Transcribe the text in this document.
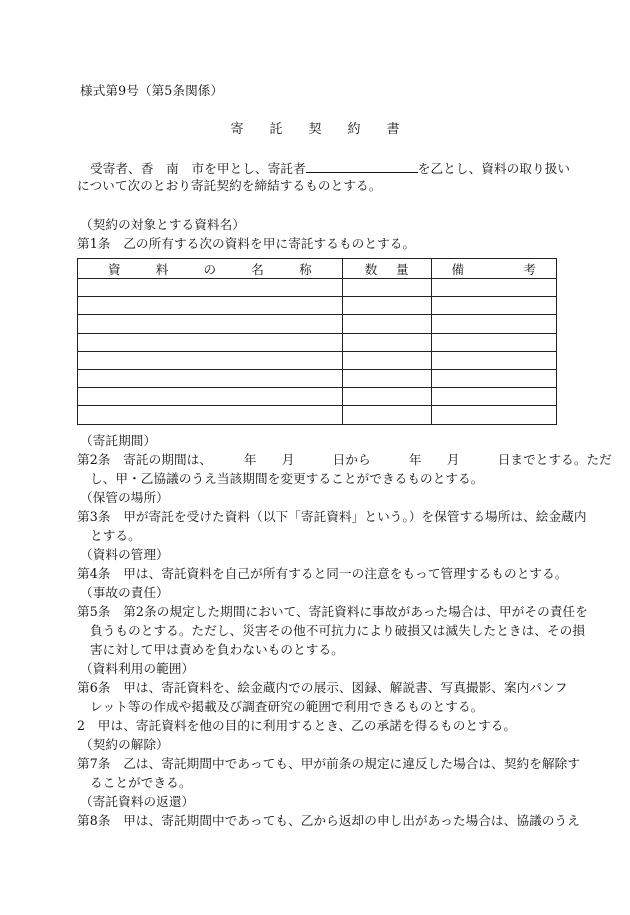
様式第9号（第5条関係）
寄 託 契 約 書
受寄者、香　南　市を甲とし、寄託者	を乙とし、資料の取り扱い
について次のとおり寄託契約を締結するものとする。
（契約の対象とする資料名）
第1条　乙の所有する次の資料を甲に寄託するものとする。
資 料 の 名 称	数 量	備 考

（寄託期間）
第2条　寄託の期間は、　　　年　　月　　　日から　　　年　　月　　　日までとする。ただ
し、甲・乙協議のうえ当該期間を変更することができるものとする。
（保管の場所）
第3条　甲が寄託を受けた資料（以下「寄託資料」という。）を保管する場所は、絵金蔵内
とする。
（資料の管理）
第4条　甲は、寄託資料を自己が所有すると同一の注意をもって管理するものとする。
（事故の責任）
第5条　第2条の規定した期間において、寄託資料に事故があった場合は、甲がその責任を
負うものとする。ただし、災害その他不可抗力により破損又は滅失したときは、その損
害に対して甲は責めを負わないものとする。
（資料利用の範囲）
第6条　甲は、寄託資料を、絵金蔵内での展示、図録、解説書、写真撮影、案内パンフ
レット等の作成や掲載及び調査研究の範囲で利用できるものとする。
2　甲は、寄託資料を他の目的に利用するとき、乙の承諾を得るものとする。
（契約の解除）
第7条　乙は、寄託期間中であっても、甲が前条の規定に違反した場合は、契約を解除す
ることができる。
（寄託資料の返還）
第8条　甲は、寄託期間中であっても、乙から返却の申し出があった場合は、協議のうえ
